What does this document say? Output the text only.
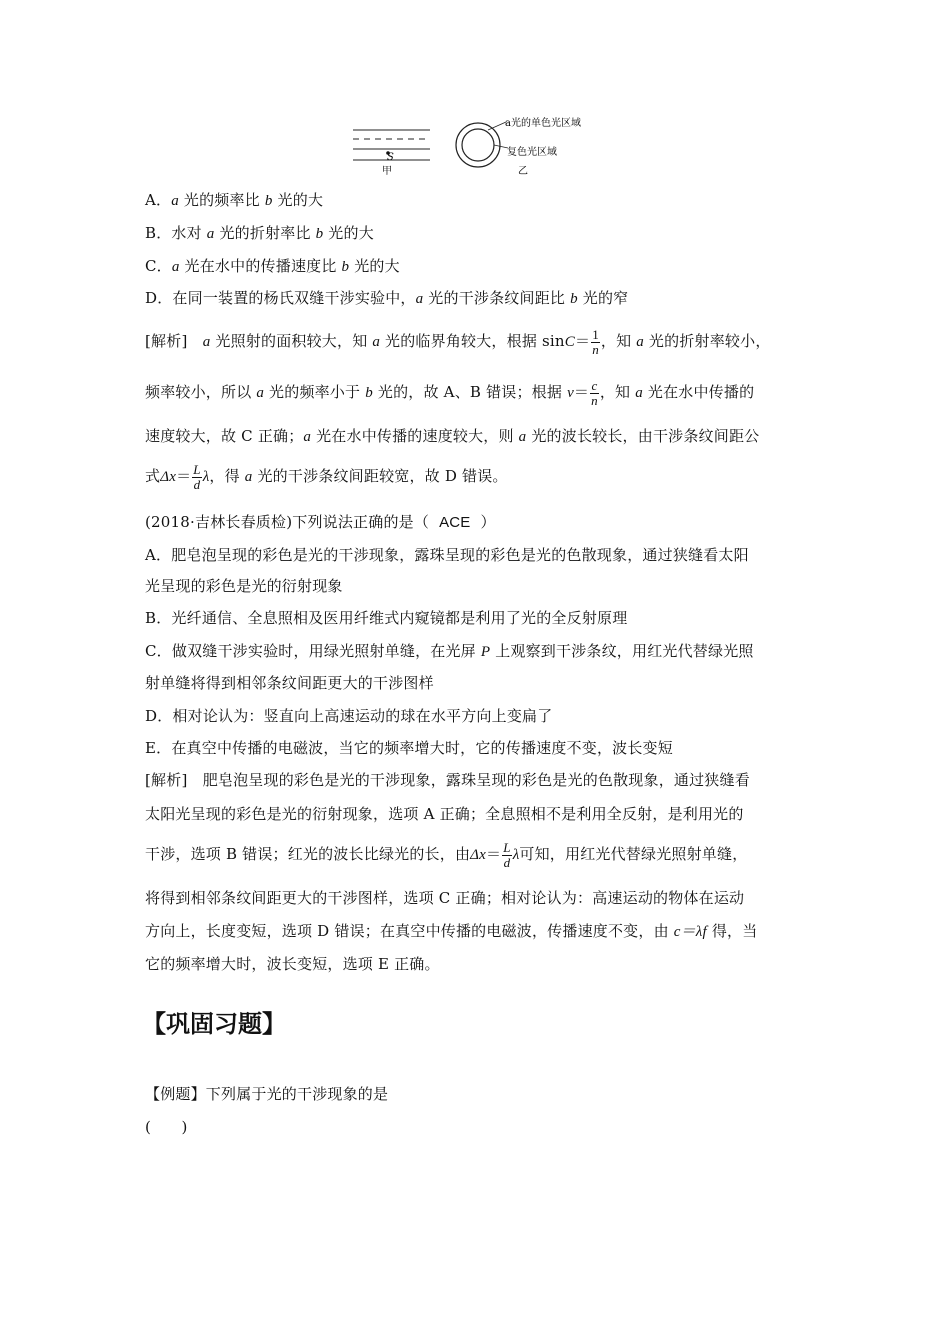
S
甲
a光的单色光区域
复色光区域
乙
A．a 光的频率比 b 光的大
B．水对 a 光的折射率比 b 光的大
C．a 光在水中的传播速度比 b 光的大
D．在同一装置的杨氏双缝干涉实验中，a 光的干涉条纹间距比 b 光的窄
[解析]　a 光照射的面积较大，知 a 光的临界角较大，根据 $\sin C= \frac{1}{n}$ ，知 a 光的折射率较小，
频率较小，所以 a 光的频率小于 b 光的，故 A、B 错误；根据 $v= \frac{c}{n}$ ，知 a 光在水中传播的
速度较大，故 C 正确；a 光在水中传播的速度较大，则 a 光的波长较长，由干涉条纹间距公
式$\Delta x= \frac{L}{d}$ λ，得 a 光的干涉条纹间距较宽，故 D 错误。
(2018·吉林长春质检)下列说法正确的是（ ACE ）
A．肥皂泡呈现的彩色是光的干涉现象，露珠呈现的彩色是光的色散现象，通过狭缝看太阳
光呈现的彩色是光的衍射现象
B．光纤通信、全息照相及医用纤维式内窥镜都是利用了光的全反射原理
C．做双缝干涉实验时，用绿光照射单缝，在光屏 P 上观察到干涉条纹，用红光代替绿光照
射单缝将得到相邻条纹间距更大的干涉图样
D．相对论认为：竖直向上高速运动的球在水平方向上变扁了
E．在真空中传播的电磁波，当它的频率增大时，它的传播速度不变，波长变短
[解析]　肥皂泡呈现的彩色是光的干涉现象，露珠呈现的彩色是光的色散现象，通过狭缝看
太阳光呈现的彩色是光的衍射现象，选项 A 正确；全息照相不是利用全反射，是利用光的
干涉，选项 B 错误；红光的波长比绿光的长，由$\Delta x= \frac{L}{d}$ λ可知，用红光代替绿光照射单缝，
将得到相邻条纹间距更大的干涉图样，选项 C 正确；相对论认为：高速运动的物体在运动
方向上，长度变短，选项 D 错误；在真空中传播的电磁波，传播速度不变，由 c＝λf 得，当
它的频率增大时，波长变短，选项 E 正确。
【巩固习题】
【例题】下列属于光的干涉现象的是
(　　)
